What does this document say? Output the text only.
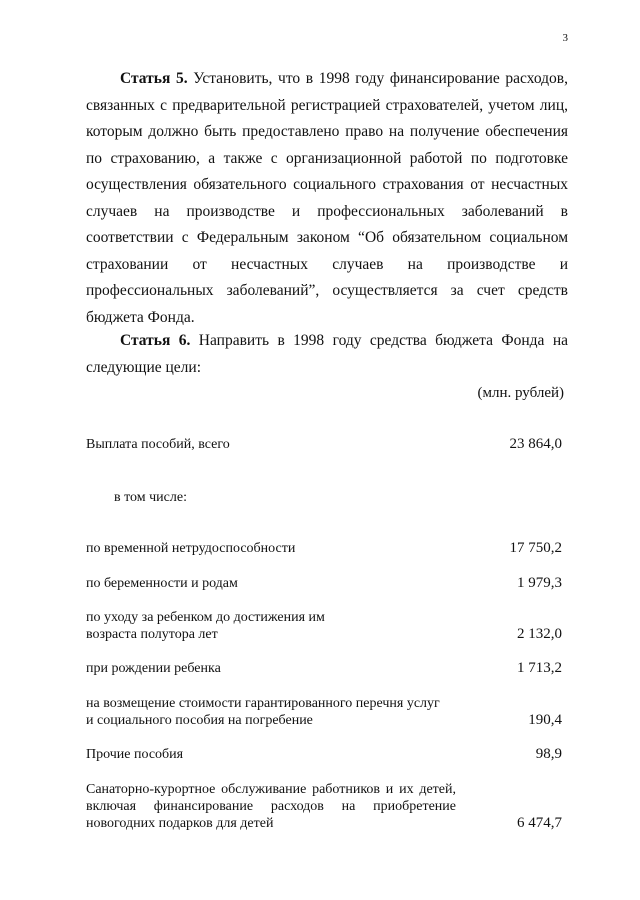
3
Статья 5. Установить, что в 1998 году финансирование расходов, связанных с предварительной регистрацией страхователей, учетом лиц, которым должно быть предоставлено право на получение обеспечения по страхованию, а также с организационной работой по подготовке осуществления обязательного социального страхования от несчастных случаев на производстве и профессиональных заболеваний в соответствии с Федеральным законом “Об обязательном социальном страховании от несчастных случаев на производстве и профессиональных заболеваний”, осуществляется за счет средств бюджета Фонда.
Статья 6. Направить в 1998 году средства бюджета Фонда на следующие цели:
(млн. рублей)
Выплата пособий, всего	23 864,0
в том числе:
по временной нетрудоспособности	17 750,2
по беременности и родам	1 979,3
по уходу за ребенком до достижения им возраста полутора лет	2 132,0
при рождении ребенка	1 713,2
на возмещение стоимости гарантированного перечня услуг и социального пособия на погребение	190,4
Прочие пособия	98,9
Санаторно-курортное обслуживание работников и их детей, включая финансирование расходов на приобретение новогодних подарков для детей	6 474,7
